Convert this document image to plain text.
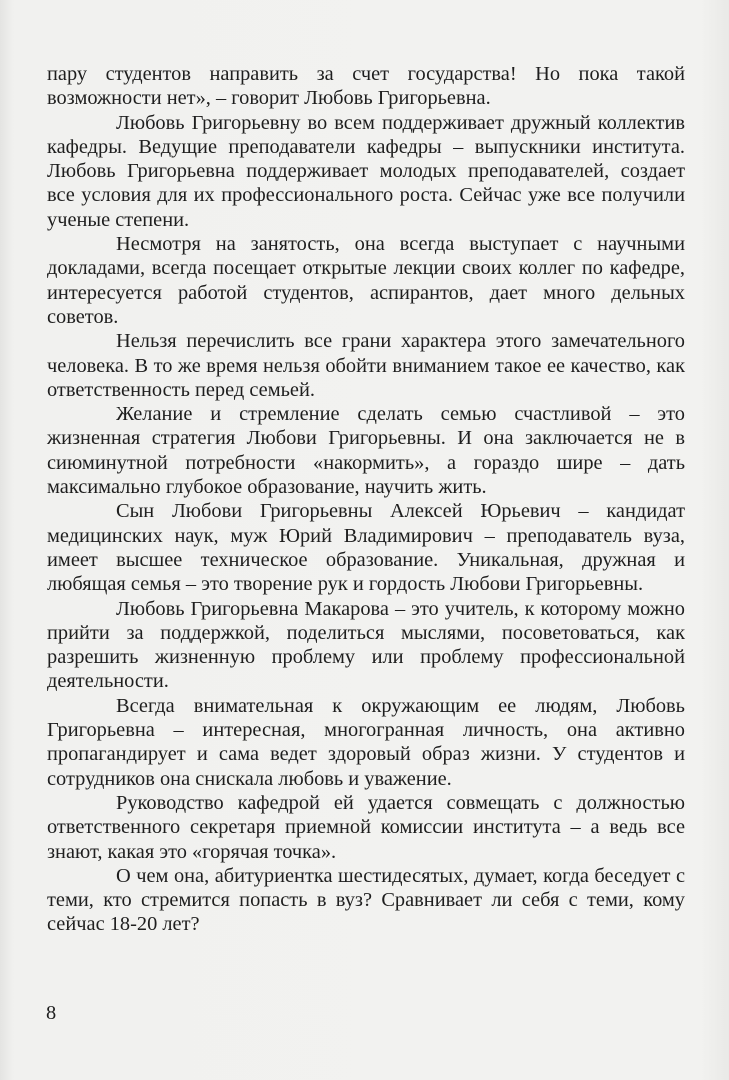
пару студентов направить за счет государства! Но пока такой возможности нет», – говорит Любовь Григорьевна.

Любовь Григорьевну во всем поддерживает дружный коллектив кафедры. Ведущие преподаватели кафедры – выпускники института. Любовь Григорьевна поддерживает молодых преподавателей, создает все условия для их профессионального роста. Сейчас уже все получили ученые степени.

Несмотря на занятость, она всегда выступает с научными докладами, всегда посещает открытые лекции своих коллег по кафедре, интересуется работой студентов, аспирантов, дает много дельных советов.

Нельзя перечислить все грани характера этого замечательного человека. В то же время нельзя обойти вниманием такое ее качество, как ответственность перед семьей.

Желание и стремление сделать семью счастливой – это жизненная стратегия Любови Григорьевны. И она заключается не в сиюминутной потребности «накормить», а гораздо шире – дать максимально глубокое образование, научить жить.

Сын Любови Григорьевны Алексей Юрьевич – кандидат медицинских наук, муж Юрий Владимирович – преподаватель вуза, имеет высшее техническое образование. Уникальная, дружная и любящая семья – это творение рук и гордость Любови Григорьевны.

Любовь Григорьевна Макарова – это учитель, к которому можно прийти за поддержкой, поделиться мыслями, посоветоваться, как разрешить жизненную проблему или проблему профессиональной деятельности.

Всегда внимательная к окружающим ее людям, Любовь Григорьевна – интересная, многогранная личность, она активно пропагандирует и сама ведет здоровый образ жизни. У студентов и сотрудников она снискала любовь и уважение.

Руководство кафедрой ей удается совмещать с должностью ответственного секретаря приемной комиссии института – а ведь все знают, какая это «горячая точка».

О чем она, абитуриентка шестидесятых, думает, когда беседует с теми, кто стремится попасть в вуз? Сравнивает ли себя с теми, кому сейчас 18-20 лет?

8
